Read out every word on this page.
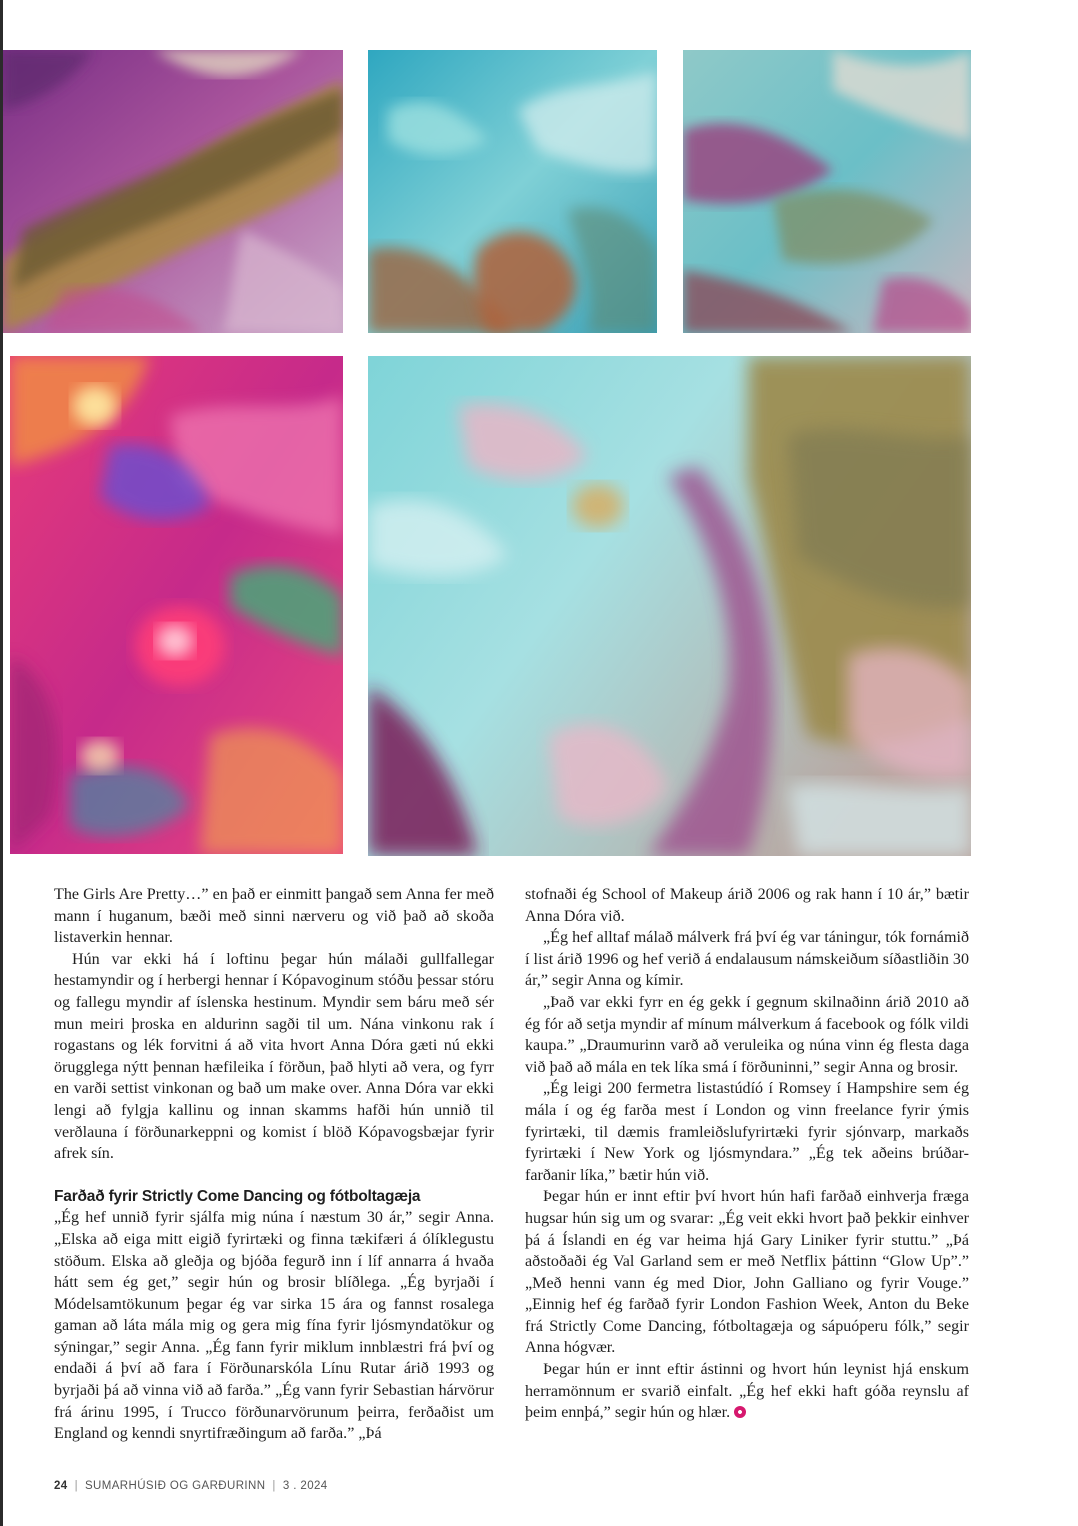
The Girls Are Pretty…” en það er einmitt þangað sem Anna fer með mann í huganum, bæði með sinni nærveru og við það að skoða listaverkin hennar.

Hún var ekki há í loftinu þegar hún málaði gullfallegar hestamyndir og í herbergi hennar í Kópavoginum stóðu þessar stóru og fallegu myndir af íslenska hestinum. Myndir sem báru með sér mun meiri þroska en aldurinn sagði til um. Nána vinkonu rak í rogastans og lék forvitni á að vita hvort Anna Dóra gæti nú ekki örugglega nýtt þennan hæfileika í förðun, það hlyti að vera, og fyrr en varði settist vinkonan og bað um make over. Anna Dóra var ekki lengi að fylgja kallinu og innan skamms hafði hún unnið til verðlauna í förðunarkeppni og komist í blöð Kópavogsbæjar fyrir afrek sín.

Farðað fyrir Strictly Come Dancing og fótboltagæja

„Ég hef unnið fyrir sjálfa mig núna í næstum 30 ár,” segir Anna. „Elska að eiga mitt eigið fyrirtæki og finna tækifæri á ólíklegustu stöðum. Elska að gleðja og bjóða fegurð inn í líf annarra á hvaða hátt sem ég get,” segir hún og brosir blíðlega. „Ég byrjaði í Módelsamtökunum þegar ég var sirka 15 ára og fannst rosalega gaman að láta mála mig og gera mig fína fyrir ljósmyndatökur og sýningar,” segir Anna. „Ég fann fyrir miklum innblæstri frá því og endaði á því að fara í Förðunarskóla Línu Rutar árið 1993 og byrjaði þá að vinna við að farða.” „Ég vann fyrir Sebastian hárvörur frá árinu 1995, í Trucco förðunarvörunum þeirra, ferðaðist um England og kenndi snyrtifræðingum að farða.” „Þá

stofnaði ég School of Makeup árið 2006 og rak hann í 10 ár,” bætir Anna Dóra við.

„Ég hef alltaf málað málverk frá því ég var táningur, tók fornámið í list árið 1996 og hef verið á endalausum námskeiðum síðastliðin 30 ár,” segir Anna og kímir.

„Það var ekki fyrr en ég gekk í gegnum skilnaðinn árið 2010 að ég fór að setja myndir af mínum málverkum á facebook og fólk vildi kaupa.” „Draumurinn varð að veruleika og núna vinn ég flesta daga við það að mála en tek líka smá í förðuninni,” segir Anna og brosir.

„Ég leigi 200 fermetra listastúdíó í Romsey í Hampshire sem ég mála í og ég farða mest í London og vinn freelance fyrir ýmis fyrirtæki, til dæmis framleiðslufyrirtæki fyrir sjónvarp, markaðs fyrirtæki í New York og ljósmyndara.” „Ég tek aðeins brúðar-farðanir líka,” bætir hún við.

Þegar hún er innt eftir því hvort hún hafi farðað einhverja fræga hugsar hún sig um og svarar: „Ég veit ekki hvort það þekkir einhver þá á Íslandi en ég var heima hjá Gary Liniker fyrir stuttu.” „Þá aðstoðaði ég Val Garland sem er með Netflix þáttinn “Glow Up”.” „Með henni vann ég med Dior, John Galliano og fyrir Vouge.” „Einnig hef ég farðað fyrir London Fashion Week, Anton du Beke frá Strictly Come Dancing, fótboltagæja og sápuóperu fólk,” segir Anna hógvær.

Þegar hún er innt eftir ástinni og hvort hún leynist hjá enskum herramönnum er svarið einfalt. „Ég hef ekki haft góða reynslu af þeim ennþá,” segir hún og hlær.

24 | SUMARHÚSIÐ OG GARÐURINN | 3 . 2024
